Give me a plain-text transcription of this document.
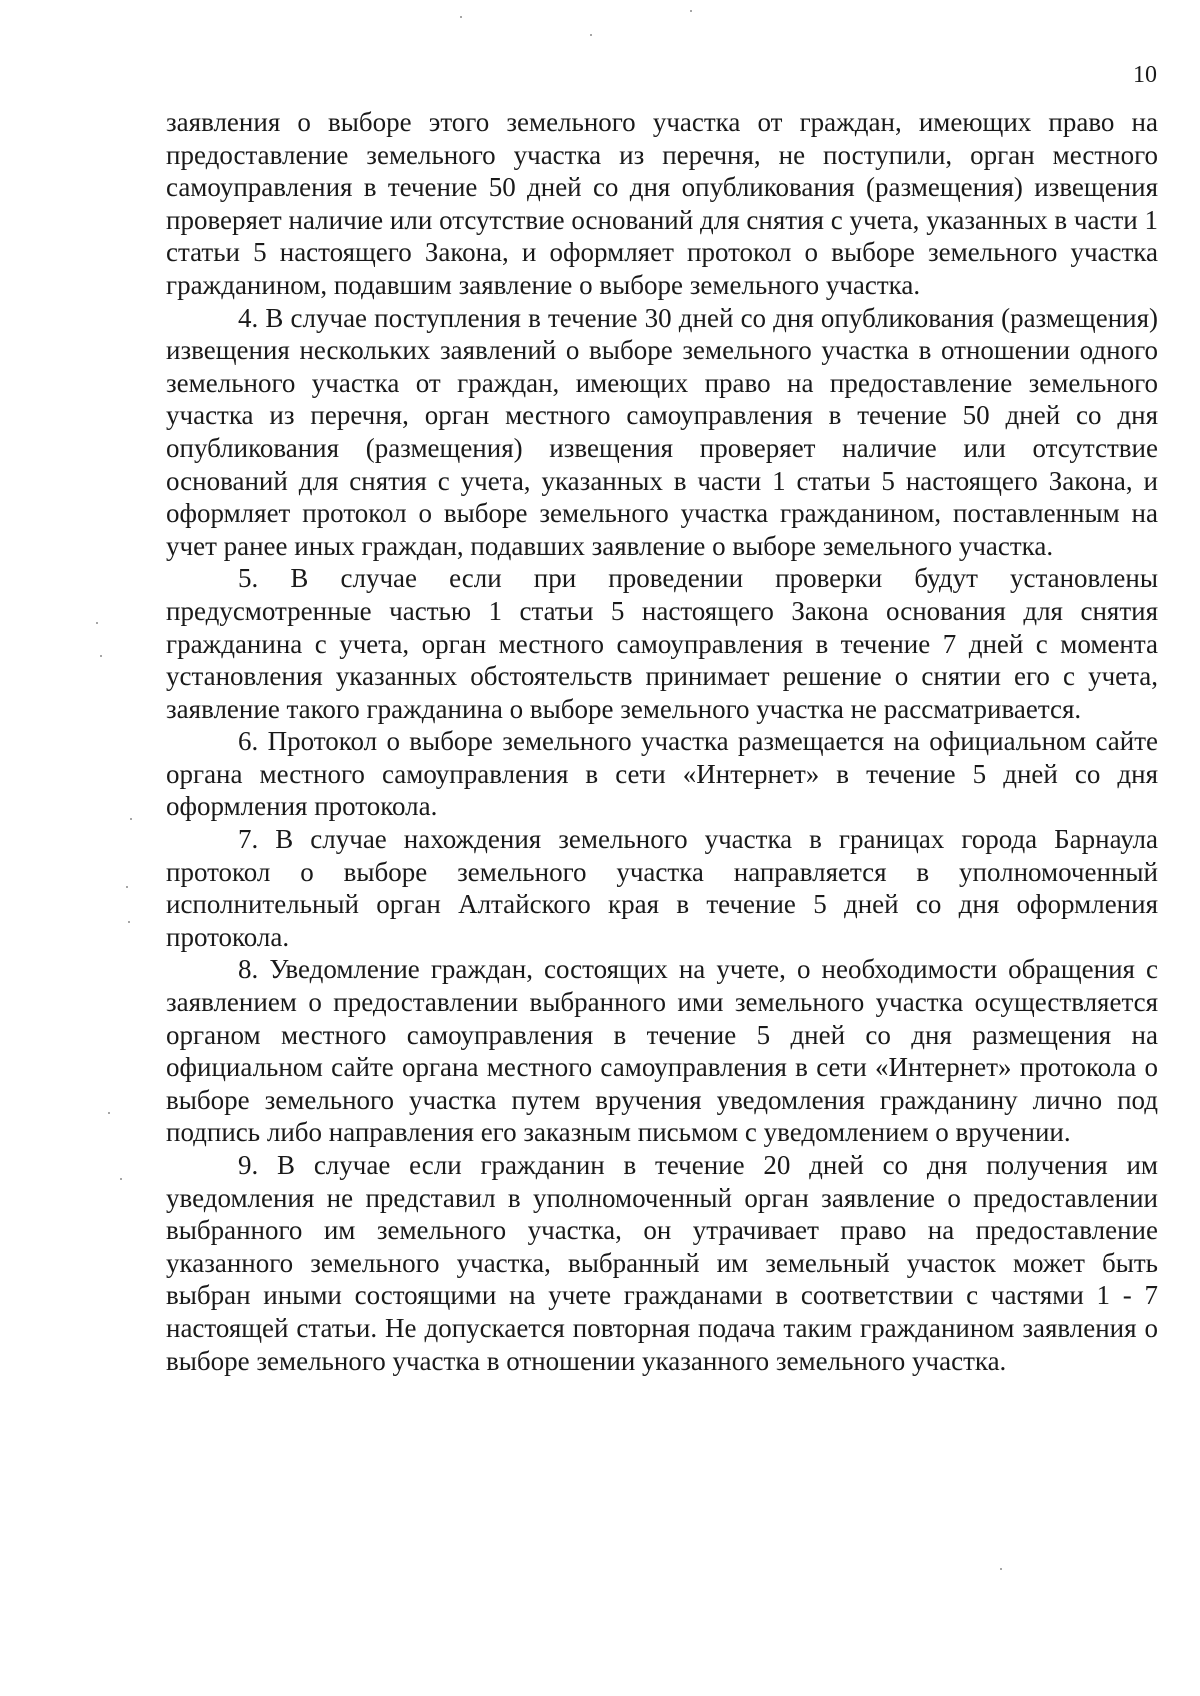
10

заявления о выборе этого земельного участка от граждан, имеющих право на предоставление земельного участка из перечня, не поступили, орган местного самоуправления в течение 50 дней со дня опубликования (размещения) извещения проверяет наличие или отсутствие оснований для снятия с учета, указанных в части 1 статьи 5 настоящего Закона, и оформляет протокол о выборе земельного участка гражданином, подавшим заявление о выборе земельного участка.

4. В случае поступления в течение 30 дней со дня опубликования (размещения) извещения нескольких заявлений о выборе земельного участка в отношении одного земельного участка от граждан, имеющих право на предоставление земельного участка из перечня, орган местного самоуправления в течение 50 дней со дня опубликования (размещения) извещения проверяет наличие или отсутствие оснований для снятия с учета, указанных в части 1 статьи 5 настоящего Закона, и оформляет протокол о выборе земельного участка гражданином, поставленным на учет ранее иных граждан, подавших заявление о выборе земельного участка.

5. В случае если при проведении проверки будут установлены предусмотренные частью 1 статьи 5 настоящего Закона основания для снятия гражданина с учета, орган местного самоуправления в течение 7 дней с момента установления указанных обстоятельств принимает решение о снятии его с учета, заявление такого гражданина о выборе земельного участка не рассматривается.

6. Протокол о выборе земельного участка размещается на официальном сайте органа местного самоуправления в сети «Интернет» в течение 5 дней со дня оформления протокола.

7. В случае нахождения земельного участка в границах города Барнаула протокол о выборе земельного участка направляется в уполномоченный исполнительный орган Алтайского края в течение 5 дней со дня оформления протокола.

8. Уведомление граждан, состоящих на учете, о необходимости обращения с заявлением о предоставлении выбранного ими земельного участка осуществляется органом местного самоуправления в течение 5 дней со дня размещения на официальном сайте органа местного самоуправления в сети «Интернет» протокола о выборе земельного участка путем вручения уведомления гражданину лично под подпись либо направления его заказным письмом с уведомлением о вручении.

9. В случае если гражданин в течение 20 дней со дня получения им уведомления не представил в уполномоченный орган заявление о предоставлении выбранного им земельного участка, он утрачивает право на предоставление указанного земельного участка, выбранный им земельный участок может быть выбран иными состоящими на учете гражданами в соответствии с частями 1 - 7 настоящей статьи. Не допускается повторная подача таким гражданином заявления о выборе земельного участка в отношении указанного земельного участка.
